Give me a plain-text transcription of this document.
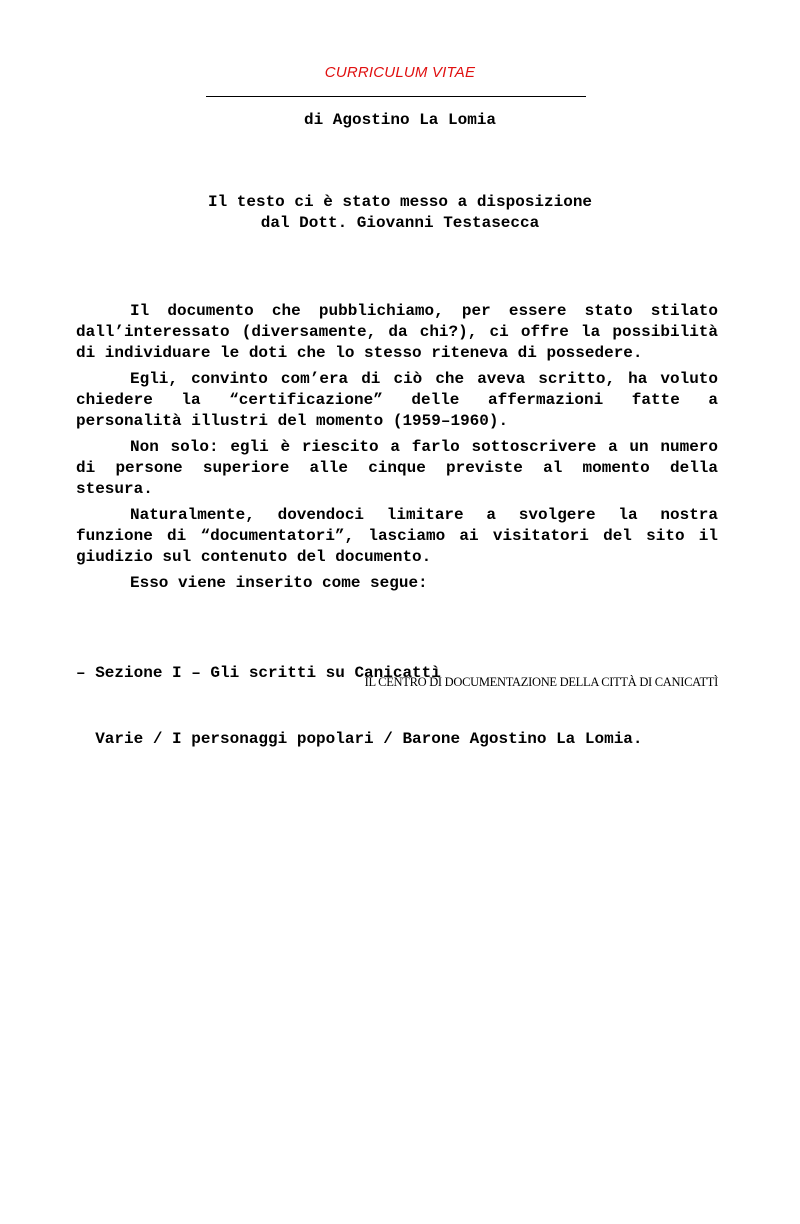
CURRICULUM VITAE
di Agostino La Lomia
Il testo ci è stato messo a disposizione
dal Dott. Giovanni Testasecca

Il documento che pubblichiamo, per essere stato stilato dall’interessato (diversamente, da chi?), ci offre la possibilità di individuare le doti che lo stesso riteneva di possedere.

Egli, convinto com’era di ciò che aveva scritto, ha voluto chiedere la “certificazione” delle affermazioni fatte a personalità illustri del momento (1959–1960).

Non solo: egli è riescito a farlo sottoscrivere a un numero di persone superiore alle cinque previste al momento della stesura.

Naturalmente, dovendoci limitare a svolgere la nostra funzione di “documentatori”, lasciamo ai visitatori del sito il giudizio sul contenuto del documento.

Esso viene inserito come segue:

– Sezione I – Gli scritti su Canicattì

Varie / I personaggi popolari / Barone Agostino La Lomia.

IL CENTRO DI DOCUMENTAZIONE DELLA CITTÀ DI CANICATTÌ
